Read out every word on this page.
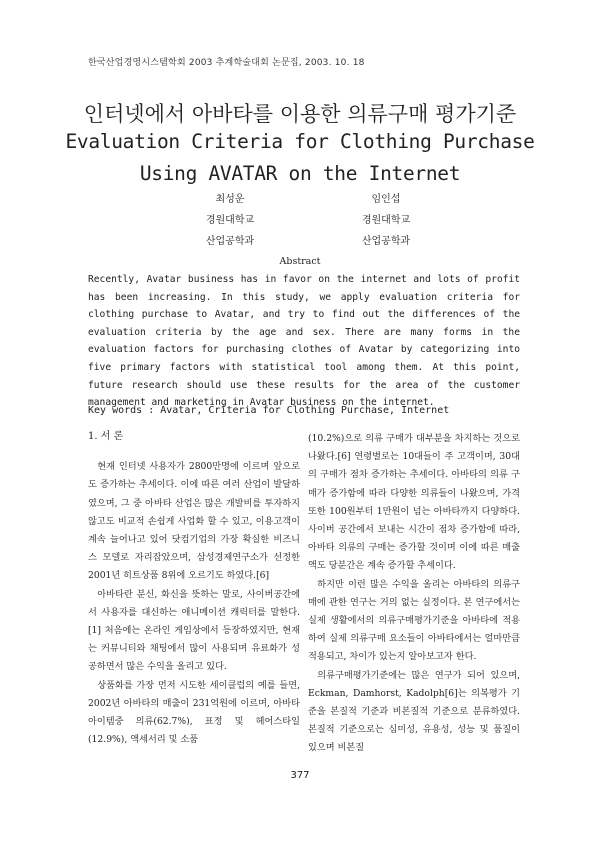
한국산업경영시스템학회 2003 추계학술대회 논문집, 2003. 10. 18
인터넷에서 아바타를 이용한 의류구매 평가기준
Evaluation Criteria for Clothing Purchase
Using AVATAR on the Internet
최성운
경원대학교
산업공학과
임인섭
경원대학교
산업공학과
Abstract

Recently, Avatar business has in favor on the internet and lots of profit has been increasing. In this study, we apply evaluation criteria for clothing purchase to Avatar, and try to find out the differences of the evaluation criteria by the age and sex. There are many forms in the evaluation factors for purchasing clothes of Avatar by categorizing into five primary factors with statistical tool among them. At this point, future research should use these results for the area of the customer management and marketing in Avatar business on the internet.

Key words : Avatar, Criteria for Clothing Purchase, Internet
1. 서 론

현재 인터넷 사용자가 2800만명에 이르며 앞으로도 증가하는 추세이다. 이에 따른 여러 산업이 발달하였으며, 그 중 아바타 산업은 많은 개발비를 투자하지 않고도 비교적 손쉽게 사업화 할 수 있고, 이용고객이 계속 늘어나고 있어 닷컴기업의 가장 확실한 비즈니스 모델로 자리잡았으며, 삼성경제연구소가 선정한 2001년 히트상품 8위에 오르기도 하였다.[6]

아바타란 분신, 화신을 뜻하는 말로, 사이버공간에서 사용자를 대신하는 애니메이션 캐릭터를 말한다.[1] 처음에는 온라인 게임상에서 등장하였지만, 현재는 커뮤니티와 채팅에서 많이 사용되며 유료화가 성공하면서 많은 수익을 올리고 있다.

상품화를 가장 먼저 시도한 세이클럽의 예를 들면, 2002년 아바타의 매출이 231억원에 이르며, 아바타 아이템중 의류(62.7%), 표정 및 헤어스타일(12.9%), 액세서리 및 소품

(10.2%)으로 의류 구매가 대부분을 차지하는 것으로 나왔다.[6] 연령별로는 10대들이 주 고객이며, 30대의 구매가 점차 증가하는 추세이다. 아바타의 의류 구매가 증가함에 따라 다양한 의류들이 나왔으며, 가격 또한 100원부터 1만원이 넘는 아바타까지 다양하다. 사이버 공간에서 보내는 시간이 점차 증가함에 따라, 아바타 의류의 구매는 증가할 것이며 이에 따른 매출액도 당분간은 계속 증가할 추세이다.

하지만 이런 많은 수익을 올리는 아바타의 의류구매에 관한 연구는 거의 없는 실정이다. 본 연구에서는 실제 생활에서의 의류구매평가기준을 아바타에 적용하여 실제 의류구매 요소들이 아바타에서는 얼마만큼 적용되고, 차이가 있는지 알아보고자 한다.

의류구매평가기준에는 많은 연구가 되어 있으며, Eckman, Damhorst, Kadolph[6]는 의복평가 기준을 본질적 기준과 비본질적 기준으로 분류하였다. 본질적 기준으로는 심미성, 유용성, 성능 및 품질이 있으며 비본질

377
